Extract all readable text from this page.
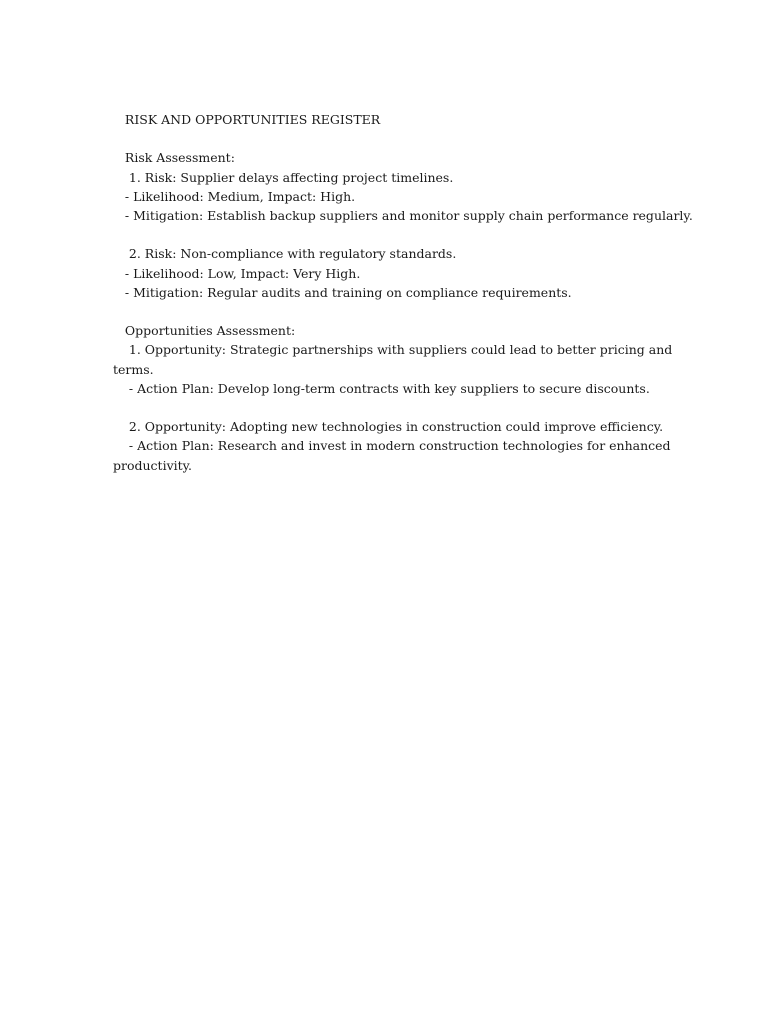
RISK AND OPPORTUNITIES REGISTER
Risk Assessment:
1. Risk: Supplier delays affecting project timelines.
- Likelihood: Medium, Impact: High.
- Mitigation: Establish backup suppliers and monitor supply chain performance regularly.
2. Risk: Non-compliance with regulatory standards.
- Likelihood: Low, Impact: Very High.
- Mitigation: Regular audits and training on compliance requirements.
Opportunities Assessment:
1. Opportunity: Strategic partnerships with suppliers could lead to better pricing and terms.
- Action Plan: Develop long-term contracts with key suppliers to secure discounts.
2. Opportunity: Adopting new technologies in construction could improve efficiency.
- Action Plan: Research and invest in modern construction technologies for enhanced productivity.
